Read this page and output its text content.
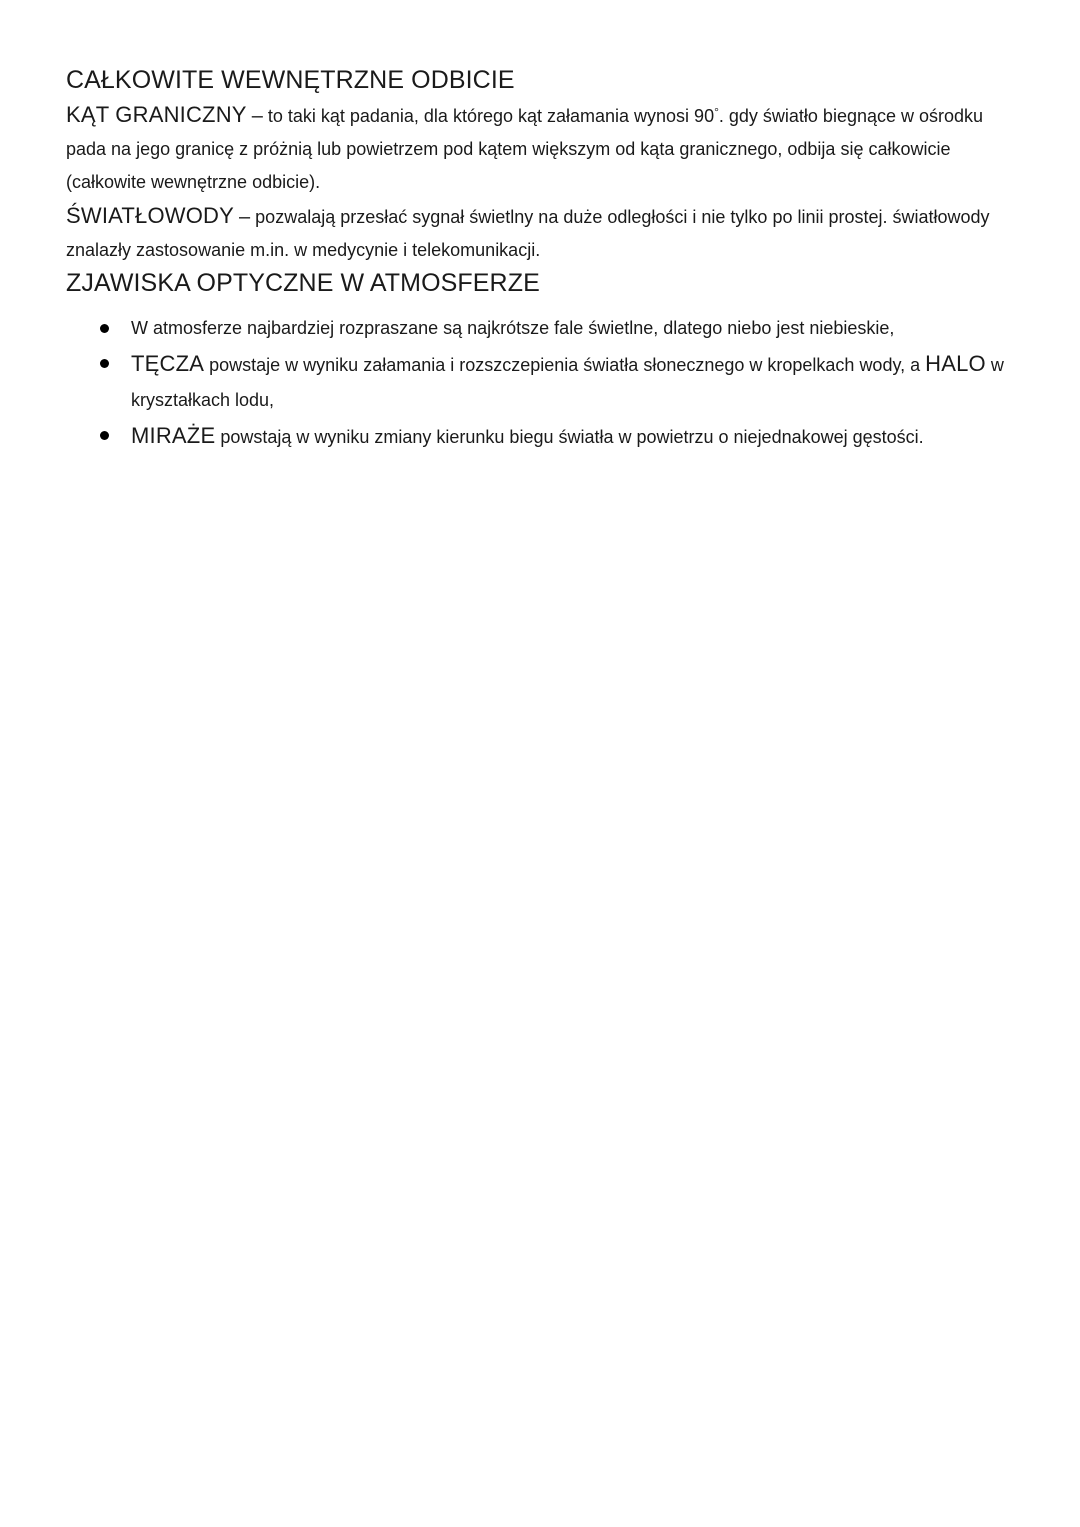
CAŁKOWITE WEWNĘTRZNE ODBICIE

KĄT GRANICZNY – to taki kąt padania, dla którego kąt załamania wynosi 90°. gdy światło biegnące w ośrodku pada na jego granicę z próżnią lub powietrzem pod kątem większym od kąta granicznego, odbija się całkowicie (całkowite wewnętrzne odbicie).

ŚWIATŁOWODY – pozwalają przesłać sygnał świetlny na duże odległości i nie tylko po linii prostej. światłowody znalazły zastosowanie m.in. w medycynie i telekomunikacji.

ZJAWISKA OPTYCZNE W ATMOSFERZE
W atmosferze najbardziej rozpraszane są najkrótsze fale świetlne, dlatego niebo jest niebieskie,
TĘCZA powstaje w wyniku załamania i rozszczepienia światła słonecznego w kropelkach wody, a HALO w kryształkach lodu,
MIRAŻE powstają w wyniku zmiany kierunku biegu światła w powietrzu o niejednakowej gęstości.
